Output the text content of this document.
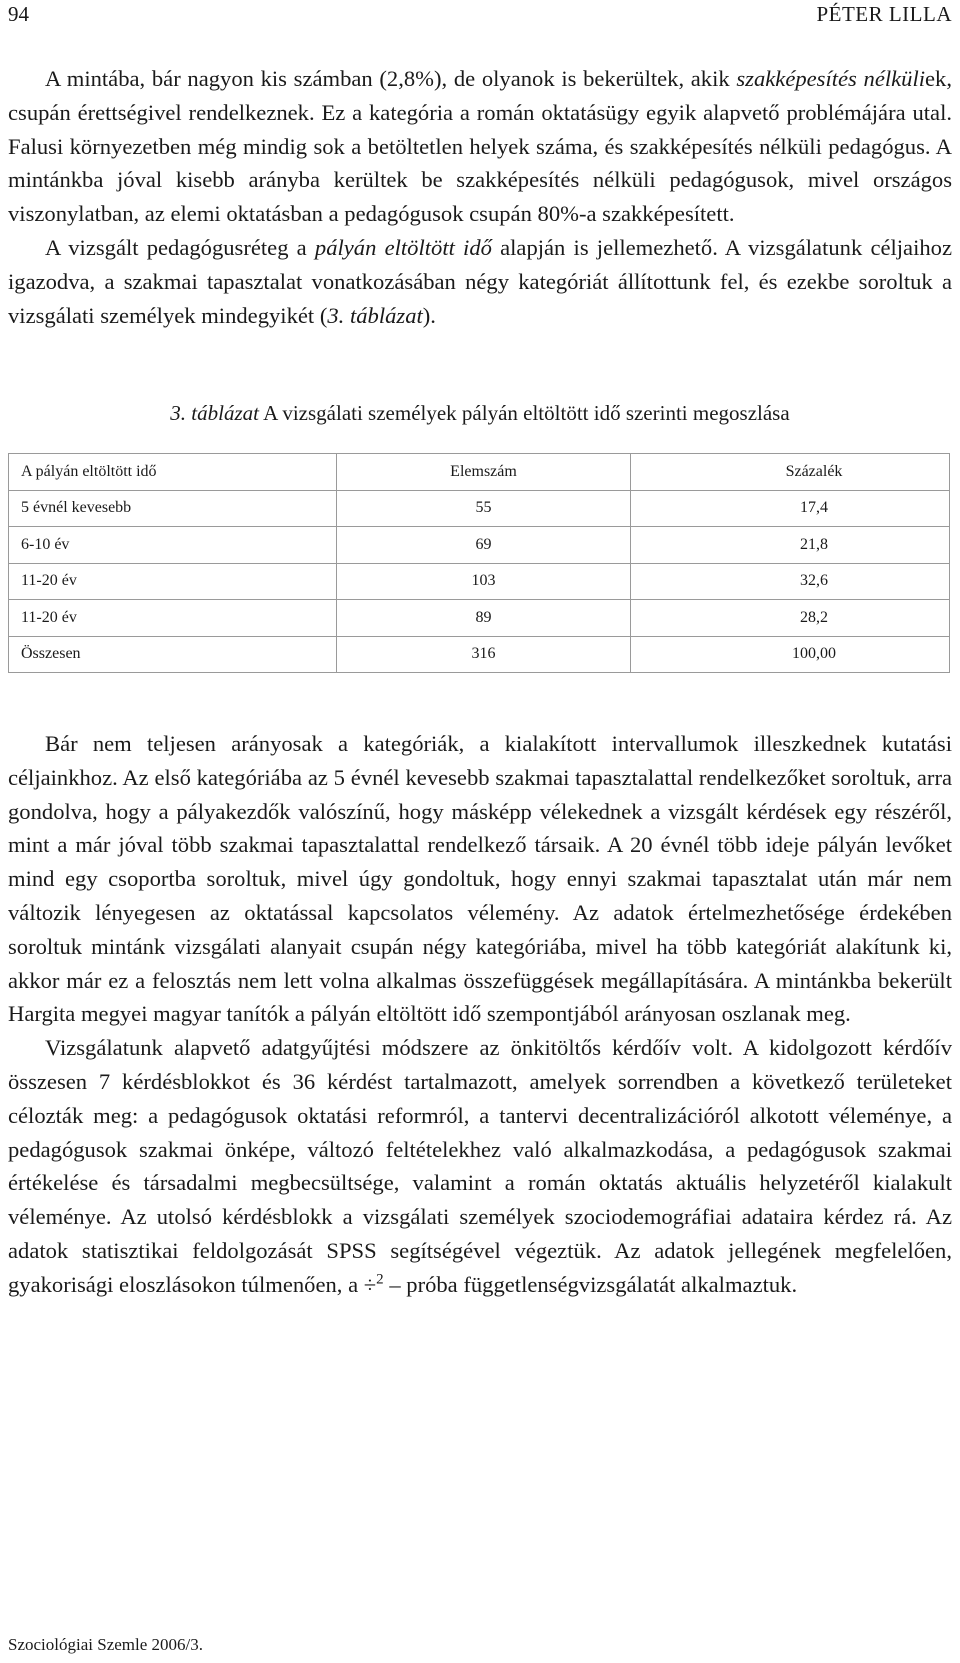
94	PÉTER LILLA

A mintába, bár nagyon kis számban (2,8%), de olyanok is bekerültek, akik szakképesítés nélküliek, csupán érettségivel rendelkeznek. Ez a kategória a román oktatásügy egyik alapvető problémájára utal. Falusi környezetben még mindig sok a betöltetlen helyek száma, és szakképesítés nélküli pedagógus. A mintánkba jóval kisebb arányba kerültek be szakképesítés nélküli pedagógusok, mivel országos viszonylatban, az elemi oktatásban a pedagógusok csupán 80%-a szakképesített.

A vizsgált pedagógusréteg a pályán eltöltött idő alapján is jellemezhető. A vizsgálatunk céljaihoz igazodva, a szakmai tapasztalat vonatkozásában négy kategóriát állítottunk fel, és ezekbe soroltuk a vizsgálati személyek mindegyikét (3. táblázat).

3. táblázat A vizsgálati személyek pályán eltöltött idő szerinti megoszlása
A pályán eltöltött idő	Elemszám	Százalék
5 évnél kevesebb	55	17,4
6-10 év	69	21,8
11-20 év	103	32,6
11-20 év	89	28,2
Összesen	316	100,00

Bár nem teljesen arányosak a kategóriák, a kialakított intervallumok illeszkednek kutatási céljainkhoz. Az első kategóriába az 5 évnél kevesebb szakmai tapasztalattal rendelkezőket soroltuk, arra gondolva, hogy a pályakezdők valószínű, hogy másképp vélekednek a vizsgált kérdések egy részéről, mint a már jóval több szakmai tapasztalattal rendelkező társaik. A 20 évnél több ideje pályán levőket mind egy csoportba soroltuk, mivel úgy gondoltuk, hogy ennyi szakmai tapasztalat után már nem változik lényegesen az oktatással kapcsolatos vélemény. Az adatok értelmezhetősége érdekében soroltuk mintánk vizsgálati alanyait csupán négy kategóriába, mivel ha több kategóriát alakítunk ki, akkor már ez a felosztás nem lett volna alkalmas összefüggések megállapítására. A mintánkba bekerült Hargita megyei magyar tanítók a pályán eltöltött idő szempontjából arányosan oszlanak meg.

Vizsgálatunk alapvető adatgyűjtési módszere az önkitöltős kérdőív volt. A kidolgozott kérdőív összesen 7 kérdésblokkot és 36 kérdést tartalmazott, amelyek sorrendben a következő területeket célozták meg: a pedagógusok oktatási reformról, a tantervi decentralizációról alkotott véleménye, a pedagógusok szakmai önképe, változó feltételekhez való alkalmazkodása, a pedagógusok szakmai értékelése és társadalmi megbecsültsége, valamint a román oktatás aktuális helyzetéről kialakult véleménye. Az utolsó kérdésblokk a vizsgálati személyek szociodemográfiai adataira kérdez rá. Az adatok statisztikai feldolgozását SPSS segítségével végeztük. Az adatok jellegének megfelelően, gyakorisági eloszlásokon túlmenően, a ÷$^2$ – próba függetlenségvizsgálatát alkalmaztuk.

Szociológiai Szemle 2006/3.
